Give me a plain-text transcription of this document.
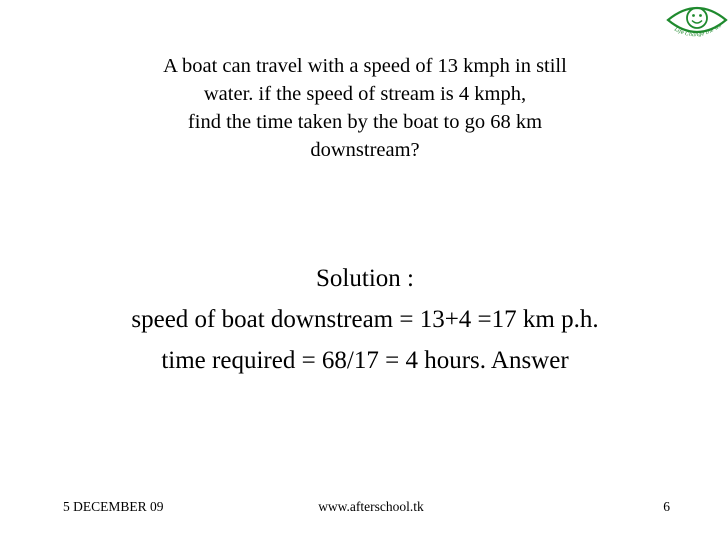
Life Change the wo
A boat can travel with a speed of 13 kmph in still
water. if the speed of stream is 4 kmph,
find the time taken by the boat to go 68 km
downstream?
Solution :
speed of boat downstream = 13+4 =17 km p.h.
time required = 68/17 = 4 hours. Answer
5 DECEMBER 09	www.afterschool.tk	6
